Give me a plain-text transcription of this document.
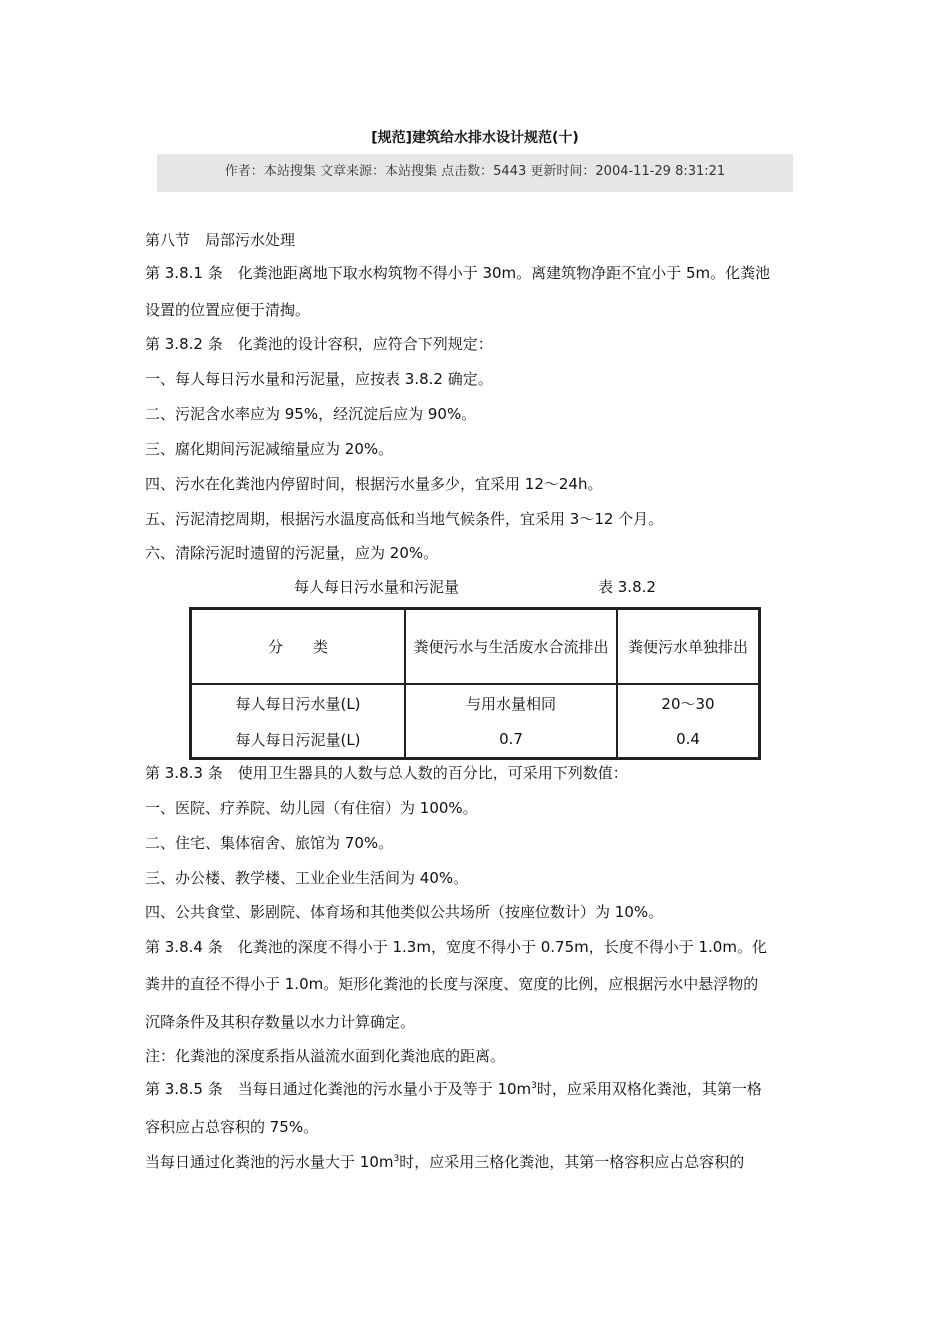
[规范]建筑给水排水设计规范(十)
作者：本站搜集 文章来源：本站搜集 点击数：5443 更新时间：2004-11-29 8:31:21
第八节　局部污水处理
第 3.8.1 条　化粪池距离地下取水构筑物不得小于 30m。离建筑物净距不宜小于 5m。化粪池
设置的位置应便于清掏。
第 3.8.2 条　化粪池的设计容积，应符合下列规定：
一、每人每日污水量和污泥量，应按表 3.8.2 确定。
二、污泥含水率应为 95%，经沉淀后应为 90%。
三、腐化期间污泥减缩量应为 20%。
四、污水在化粪池内停留时间，根据污水量多少，宜采用 12～24h。
五、污泥清挖周期，根据污水温度高低和当地气候条件，宜采用 3～12 个月。
六、清除污泥时遗留的污泥量，应为 20%。
每人每日污水量和污泥量	表 3.8.2
分　　类	粪便污水与生活废水合流排出	粪便污水单独排出
每人每日污水量(L)	与用水量相同	20～30
每人每日污泥量(L)	0.7	0.4
第 3.8.3 条　使用卫生器具的人数与总人数的百分比，可采用下列数值：
一、医院、疗养院、幼儿园（有住宿）为 100%。
二、住宅、集体宿舍、旅馆为 70%。
三、办公楼、教学楼、工业企业生活间为 40%。
四、公共食堂、影剧院、体育场和其他类似公共场所（按座位数计）为 10%。
第 3.8.4 条　化粪池的深度不得小于 1.3m，宽度不得小于 0.75m，长度不得小于 1.0m。化
粪井的直径不得小于 1.0m。矩形化粪池的长度与深度、宽度的比例，应根据污水中悬浮物的
沉降条件及其积存数量以水力计算确定。
注：化粪池的深度系指从溢流水面到化粪池底的距离。
第 3.8.5 条　当每日通过化粪池的污水量小于及等于 $10m^3$时，应采用双格化粪池，其第一格
容积应占总容积的 75%。
当每日通过化粪池的污水量大于 $10m^3$时，应采用三格化粪池，其第一格容积应占总容积的
